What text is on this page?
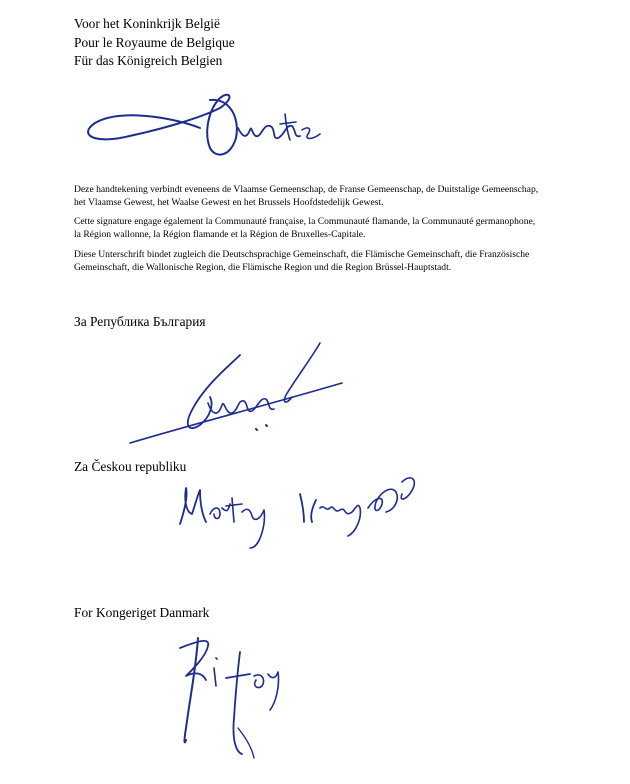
Voor het Koninkrijk België
Pour le Royaume de Belgique
Für das Königreich Belgien

Deze handtekening verbindt eveneens de Vlaamse Gemeenschap, de Franse Gemeenschap, de Duitstalige Gemeenschap, het Vlaamse Gewest, het Waalse Gewest en het Brussels Hoofdstedelijk Gewest.

Cette signature engage également la Communauté française, la Communauté flamande, la Communauté germanophone, la Région wallonne, la Région flamande et la Région de Bruxelles-Capitale.

Diese Unterschrift bindet zugleich die Deutschsprachige Gemeinschaft, die Flämische Gemeinschaft, die Französische Gemeinschaft, die Wallonische Region, die Flämische Region und die Region Brüssel-Hauptstadt.

За Република България
Za Českou republiku
For Kongeriget Danmark
